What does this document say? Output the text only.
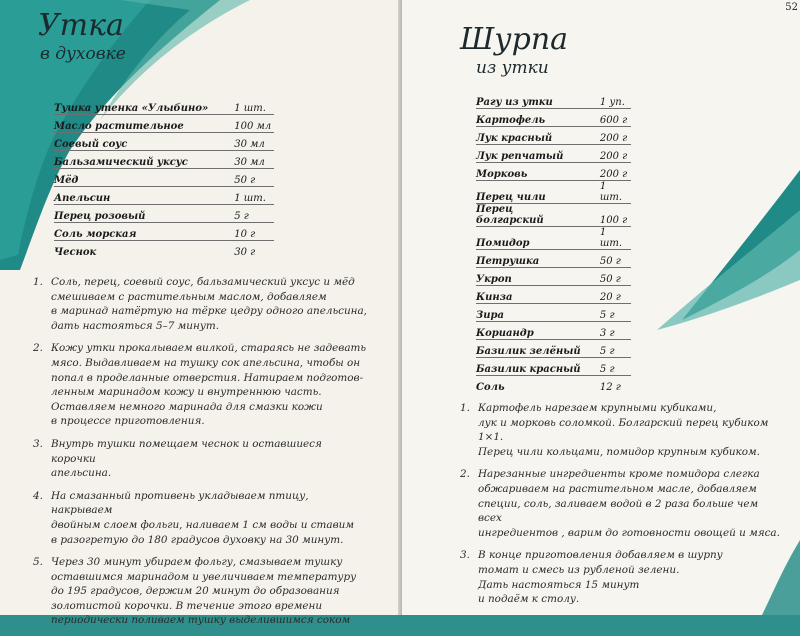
Утка
в духовке
Тушка утенка «Улыбино»	1 шт.
Масло растительное	100 мл
Соевый соус	30 мл
Бальзамический уксус	30 мл
Мёд	50 г
Апельсин	1 шт.
Перец розовый	5 г
Соль морская	10 г
Чеснок	30 г
1. Соль, перец, соевый соус, бальзамический уксус и мёд
смешиваем с растительным маслом, добавляем
в маринад натёртую на тёрке цедру одного апельсина,
дать настояться 5–7 минут.
2. Кожу утки прокалываем вилкой, стараясь не задевать
мясо. Выдавливаем на тушку сок апельсина, чтобы он
попал в проделанные отверстия. Натираем подготов-
ленным маринадом кожу и внутреннюю часть.
Оставляем немного маринада для смазки кожи
в процессе приготовления.
3. Внутрь тушки помещаем чеснок и оставшиеся корочки
апельсина.
4. На смазанный противень укладываем птицу, накрываем
двойным слоем фольги, наливаем 1 см воды и ставим
в разогретую до 180 градусов духовку на 30 минут.
5. Через 30 минут убираем фольгу, смазываем тушку
оставшимся маринадом и увеличиваем температуру
до 195 градусов, держим 20 минут до образования
золотистой корочки. В течение этого времени
периодически поливаем тушку выделившимся соком
52
Шурпа
из утки
Рагу из утки	1 уп.
Картофель	600 г
Лук красный	200 г
Лук репчатый	200 г
Морковь	200 г
Перец чили	1 шт.
Перец болгарский	100 г
Помидор	1 шт.
Петрушка	50 г
Укроп	50 г
Кинза	20 г
Зира	5 г
Кориандр	3 г
Базилик зелёный	5 г
Базилик красный	5 г
Соль	12 г
1. Картофель нарезаем крупными кубиками,
лук и морковь соломкой. Болгарский перец кубиком 1×1.
Перец чили кольцами, помидор крупным кубиком.
2. Нарезанные ингредиенты кроме помидора слегка
обжариваем на растительном масле, добавляем
специи, соль, заливаем водой в 2 раза больше чем всех
ингредиентов , варим до готовности овощей и мяса.
3. В конце приготовления добавляем в шурпу
томат и смесь из рубленой зелени.
Дать настояться 15 минут
и подаём к столу.
